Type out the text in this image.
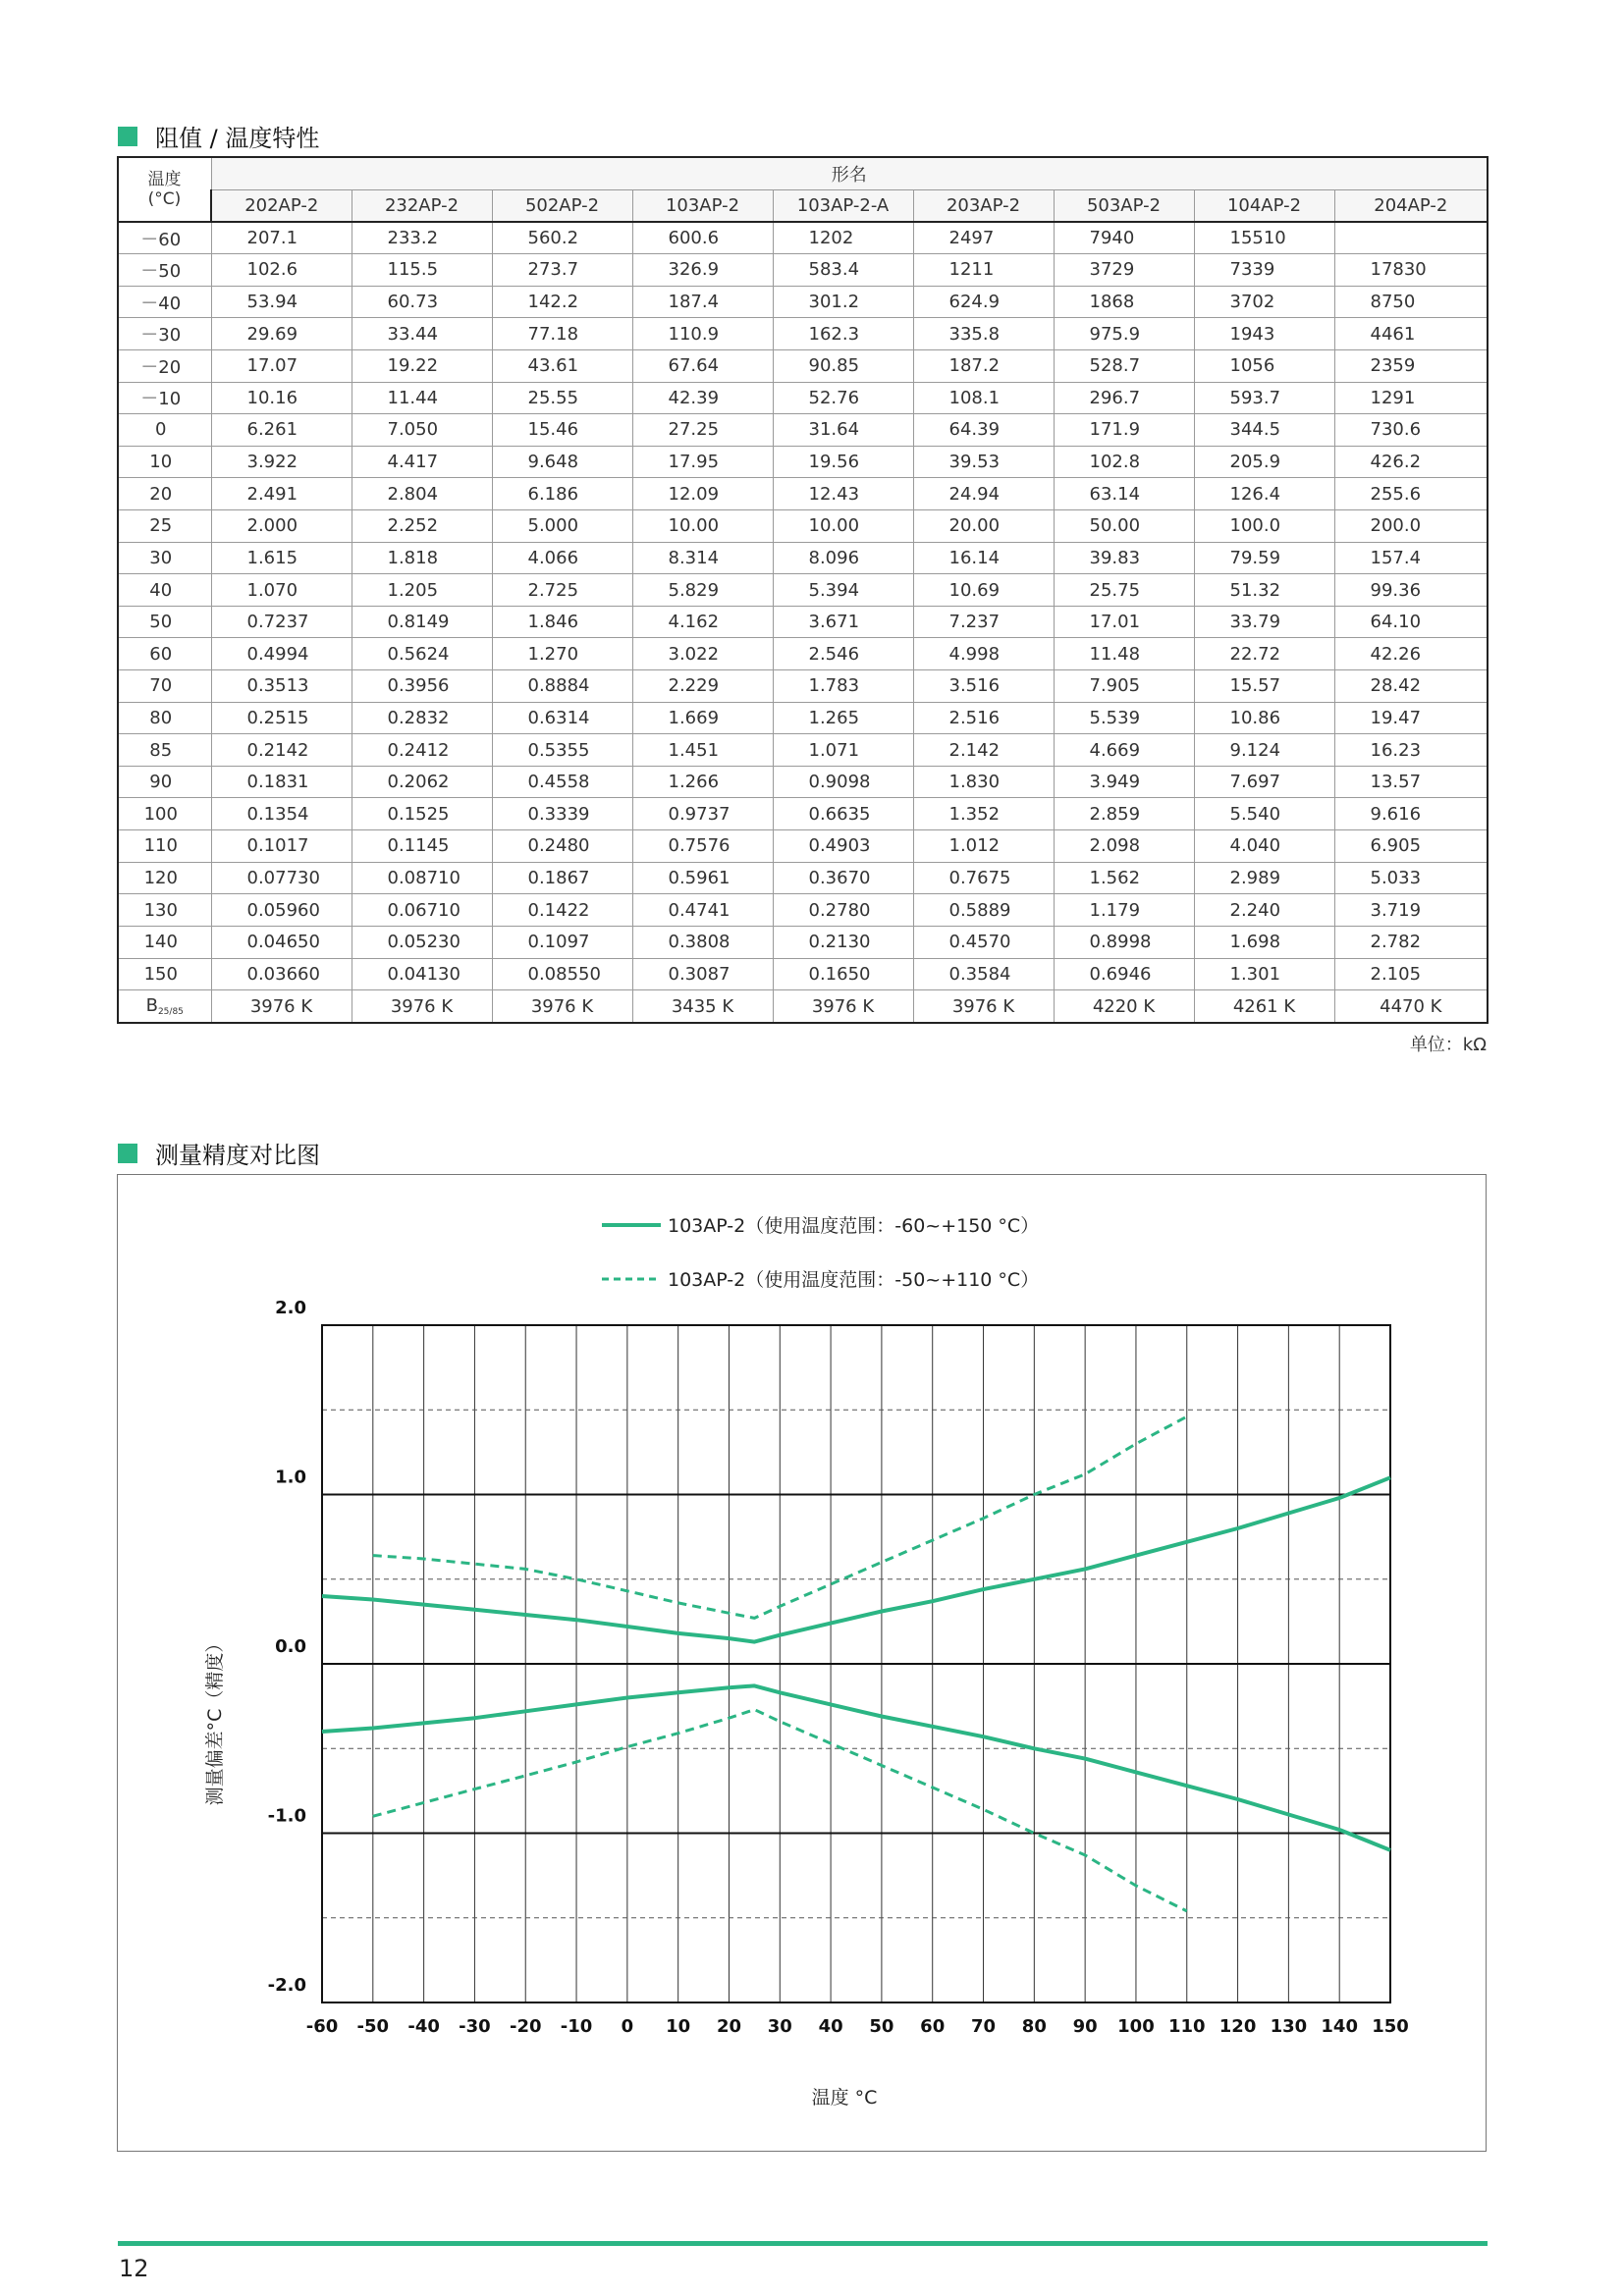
阻值 / 温度特性
温度
(°C)	形名								
	202AP-2	232AP-2	502AP-2	103AP-2	103AP-2-A	203AP-2	503AP-2	104AP-2	204AP-2
－60	207.1	233.2	560.2	600.6	1202	2497	7940	15510	
－50	102.6	115.5	273.7	326.9	583.4	1211	3729	7339	17830
－40	53.94	60.73	142.2	187.4	301.2	624.9	1868	3702	8750
－30	29.69	33.44	77.18	110.9	162.3	335.8	975.9	1943	4461
－20	17.07	19.22	43.61	67.64	90.85	187.2	528.7	1056	2359
－10	10.16	11.44	25.55	42.39	52.76	108.1	296.7	593.7	1291
0	6.261	7.050	15.46	27.25	31.64	64.39	171.9	344.5	730.6
10	3.922	4.417	9.648	17.95	19.56	39.53	102.8	205.9	426.2
20	2.491	2.804	6.186	12.09	12.43	24.94	63.14	126.4	255.6
25	2.000	2.252	5.000	10.00	10.00	20.00	50.00	100.0	200.0
30	1.615	1.818	4.066	8.314	8.096	16.14	39.83	79.59	157.4
40	1.070	1.205	2.725	5.829	5.394	10.69	25.75	51.32	99.36
50	0.7237	0.8149	1.846	4.162	3.671	7.237	17.01	33.79	64.10
60	0.4994	0.5624	1.270	3.022	2.546	4.998	11.48	22.72	42.26
70	0.3513	0.3956	0.8884	2.229	1.783	3.516	7.905	15.57	28.42
80	0.2515	0.2832	0.6314	1.669	1.265	2.516	5.539	10.86	19.47
85	0.2142	0.2412	0.5355	1.451	1.071	2.142	4.669	9.124	16.23
90	0.1831	0.2062	0.4558	1.266	0.9098	1.830	3.949	7.697	13.57
100	0.1354	0.1525	0.3339	0.9737	0.6635	1.352	2.859	5.540	9.616
110	0.1017	0.1145	0.2480	0.7576	0.4903	1.012	2.098	4.040	6.905
120	0.07730	0.08710	0.1867	0.5961	0.3670	0.7675	1.562	2.989	5.033
130	0.05960	0.06710	0.1422	0.4741	0.2780	0.5889	1.179	2.240	3.719
140	0.04650	0.05230	0.1097	0.3808	0.2130	0.4570	0.8998	1.698	2.782
150	0.03660	0.04130	0.08550	0.3087	0.1650	0.3584	0.6946	1.301	2.105
B25/85	3976 K	3976 K	3976 K	3435 K	3976 K	3976 K	4220 K	4261 K	4470 K
单位：kΩ
测量精度对比图
2.0
1.0
0.0
-1.0
-2.0
-60 -50 -40 -30 -20 -10 0 10 20 30 40 50 60 70 80 90 100 110 120 130 140 150
温度 °C
测量偏差°C（精度）
103AP-2（使用温度范围：-60~+150 °C）
103AP-2（使用温度范围：-50~+110 °C）
12
